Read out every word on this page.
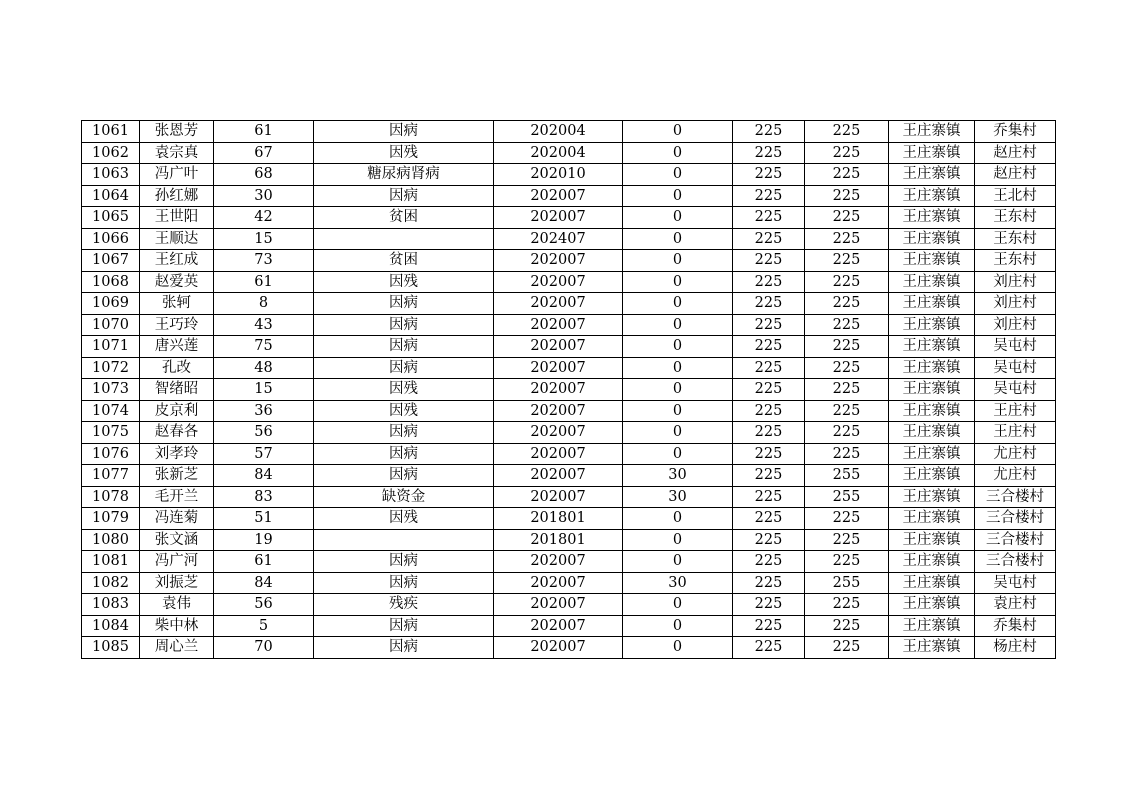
1061	张恩芳	61	因病	202004	0	225	225	王庄寨镇	乔集村
1062	袁宗真	67	因残	202004	0	225	225	王庄寨镇	赵庄村
1063	冯广叶	68	糖尿病肾病	202010	0	225	225	王庄寨镇	赵庄村
1064	孙红娜	30	因病	202007	0	225	225	王庄寨镇	王北村
1065	王世阳	42	贫困	202007	0	225	225	王庄寨镇	王东村
1066	王顺达	15		202407	0	225	225	王庄寨镇	王东村
1067	王红成	73	贫困	202007	0	225	225	王庄寨镇	王东村
1068	赵爱英	61	因残	202007	0	225	225	王庄寨镇	刘庄村
1069	张轲	8	因病	202007	0	225	225	王庄寨镇	刘庄村
1070	王巧玲	43	因病	202007	0	225	225	王庄寨镇	刘庄村
1071	唐兴莲	75	因病	202007	0	225	225	王庄寨镇	吴屯村
1072	孔改	48	因病	202007	0	225	225	王庄寨镇	吴屯村
1073	智绪昭	15	因残	202007	0	225	225	王庄寨镇	吴屯村
1074	皮京利	36	因残	202007	0	225	225	王庄寨镇	王庄村
1075	赵春各	56	因病	202007	0	225	225	王庄寨镇	王庄村
1076	刘孝玲	57	因病	202007	0	225	225	王庄寨镇	尤庄村
1077	张新芝	84	因病	202007	30	225	255	王庄寨镇	尤庄村
1078	毛开兰	83	缺资金	202007	30	225	255	王庄寨镇	三合楼村
1079	冯连菊	51	因残	201801	0	225	225	王庄寨镇	三合楼村
1080	张文涵	19		201801	0	225	225	王庄寨镇	三合楼村
1081	冯广河	61	因病	202007	0	225	225	王庄寨镇	三合楼村
1082	刘振芝	84	因病	202007	30	225	255	王庄寨镇	吴屯村
1083	袁伟	56	残疾	202007	0	225	225	王庄寨镇	袁庄村
1084	柴中林	5	因病	202007	0	225	225	王庄寨镇	乔集村
1085	周心兰	70	因病	202007	0	225	225	王庄寨镇	杨庄村
